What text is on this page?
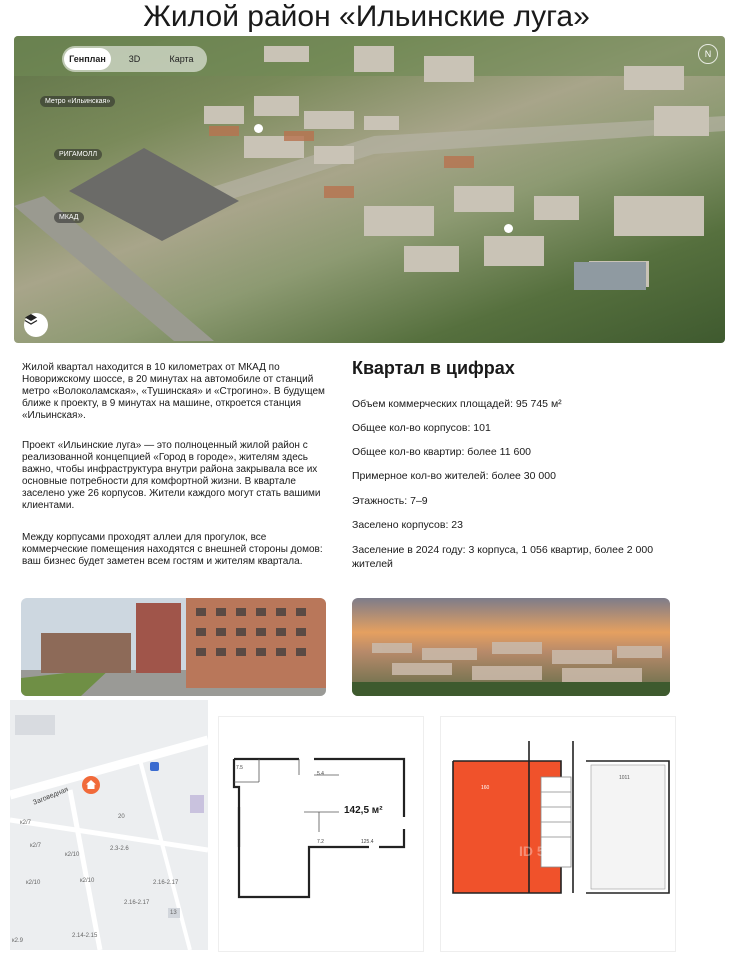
Жилой район «Ильинские луга»
Генплан	3D	Карта	N
Метро «Ильинская»
РИГАМОЛЛ
МКАД
Жилой квартал находится в 10 километрах от МКАД по Новорижскому шоссе, в 20 минутах на автомобиле от станций метро «Волоколамская», «Тушинская» и «Строгино». В будущем ближе к проекту, в 9 минутах на машине, откроется станция «Ильинская».
Проект «Ильинские луга» — это полноценный жилой район с реализованной концепцией «Город в городе», жителям здесь важно, чтобы инфраструктура внутри района закрывала все их основные потребности для комфортной жизни. В квартале заселено уже 26 корпусов. Жители каждого могут стать вашими клиентами.
Между корпусами проходят аллеи для прогулок, все коммерческие помещения находятся с внешней стороны домов: ваш бизнес будет заметен всем гостям и жителям квартала.
Квартал в цифрах
Объем коммерческих площадей: 95 745 м²
Общее кол-во корпусов: 101
Общее кол-во квартир: более 11 600
Примерное кол-во жителей: более 30 000
Этажность: 7–9
Заселено корпусов: 23
Заселение в 2024 году: 3 корпуса, 1 056 квартир, более 2 000 жителей
Заговедная
к2/7
к2/7
к2/10
к2/10
к2/10
20
2.3-2.6
2.16-2.17
2.16-2.17
13
2.14-2.15
к2.9
7.5
5.4
7.2	125.4
142,5 м²
160
1011
ID 5
